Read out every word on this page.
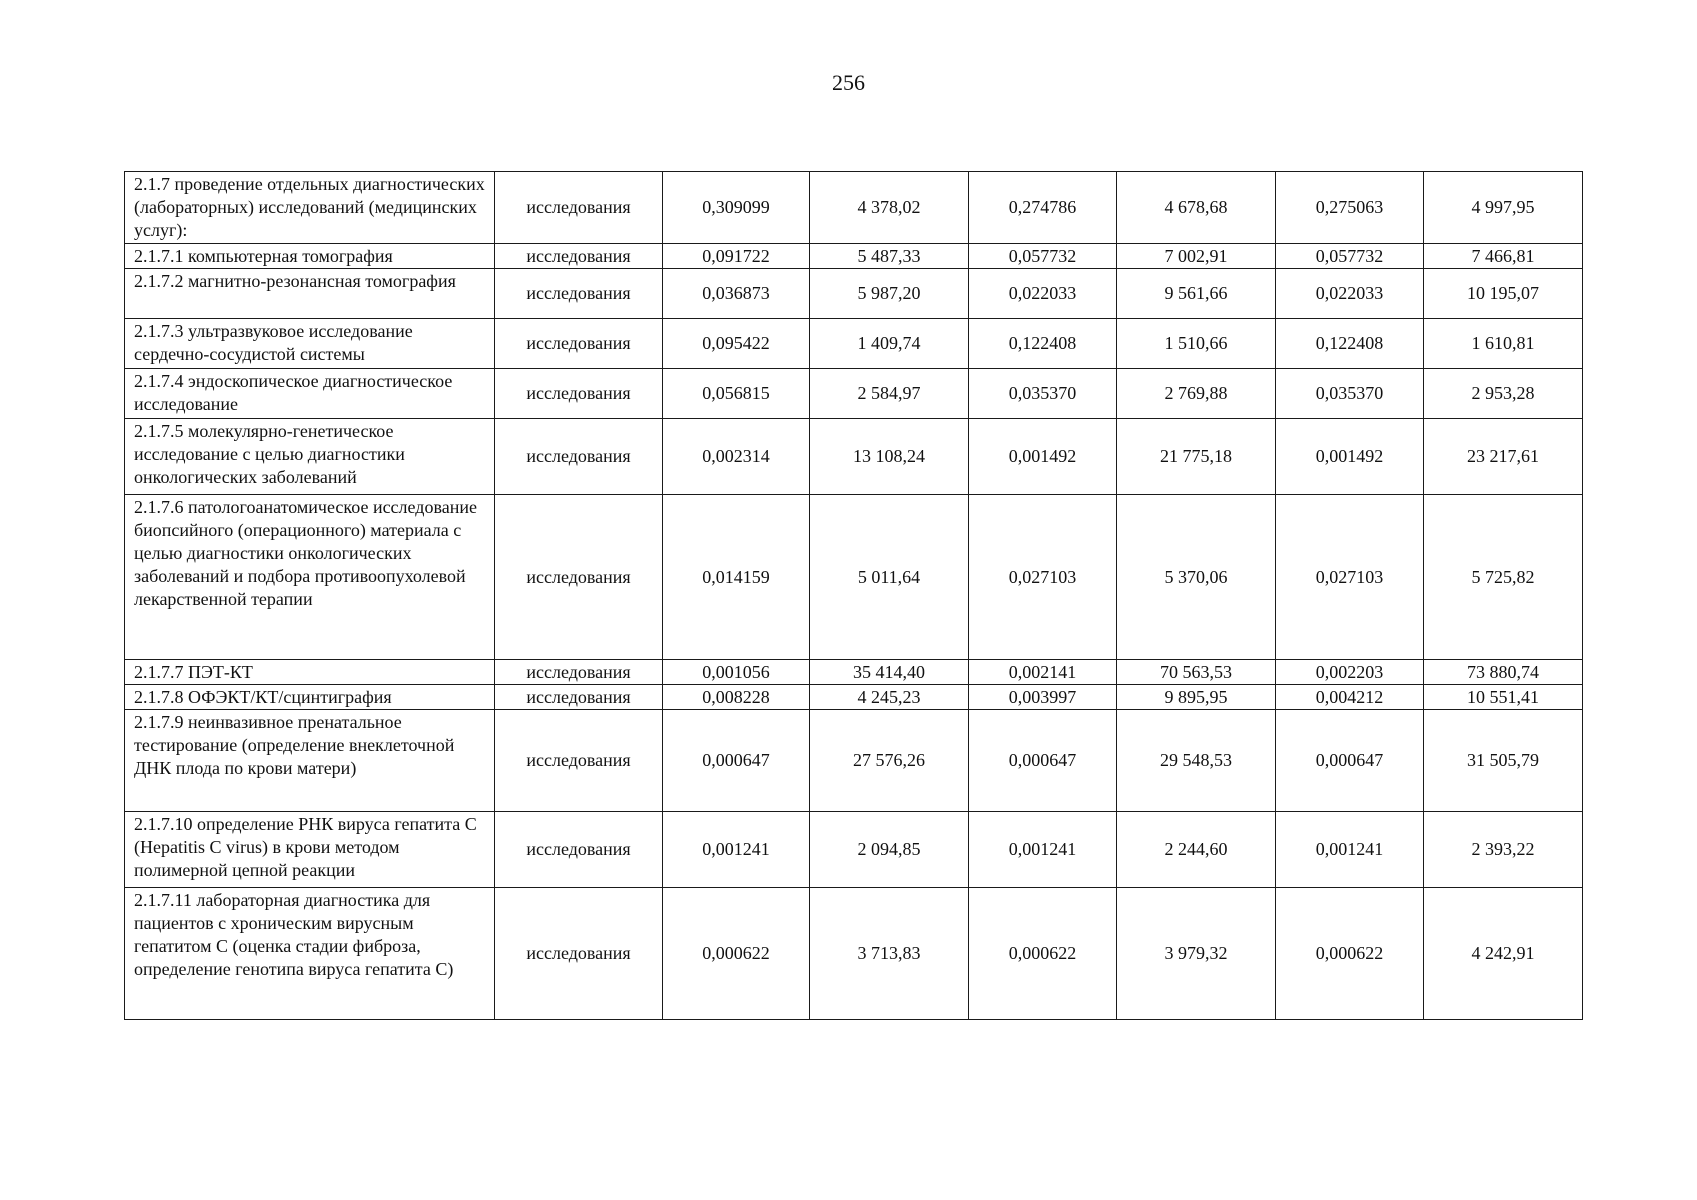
256
2.1.7 проведение отдельных диагностических (лабораторных) исследований (медицинских услуг):	исследования	0,309099	4 378,02	0,274786	4 678,68	0,275063	4 997,95
2.1.7.1 компьютерная томография	исследования	0,091722	5 487,33	0,057732	7 002,91	0,057732	7 466,81
2.1.7.2 магнитно-резонансная томография	исследования	0,036873	5 987,20	0,022033	9 561,66	0,022033	10 195,07
2.1.7.3 ультразвуковое исследование сердечно-сосудистой системы	исследования	0,095422	1 409,74	0,122408	1 510,66	0,122408	1 610,81
2.1.7.4 эндоскопическое диагностическое исследование	исследования	0,056815	2 584,97	0,035370	2 769,88	0,035370	2 953,28
2.1.7.5 молекулярно-генетическое исследование с целью диагностики онкологических заболеваний	исследования	0,002314	13 108,24	0,001492	21 775,18	0,001492	23 217,61
2.1.7.6 патологоанатомическое исследование биопсийного (операционного) материала с целью диагностики онкологических заболеваний и подбора противоопухолевой лекарственной терапии	исследования	0,014159	5 011,64	0,027103	5 370,06	0,027103	5 725,82
2.1.7.7 ПЭТ-КТ	исследования	0,001056	35 414,40	0,002141	70 563,53	0,002203	73 880,74
2.1.7.8 ОФЭКТ/КТ/сцинтиграфия	исследования	0,008228	4 245,23	0,003997	9 895,95	0,004212	10 551,41
2.1.7.9 неинвазивное пренатальное тестирование (определение внеклеточной ДНК плода по крови матери)	исследования	0,000647	27 576,26	0,000647	29 548,53	0,000647	31 505,79
2.1.7.10 определение РНК вируса гепатита С (Hepatitis C virus) в крови методом полимерной цепной реакции	исследования	0,001241	2 094,85	0,001241	2 244,60	0,001241	2 393,22
2.1.7.11 лабораторная диагностика для пациентов с хроническим вирусным гепатитом С (оценка стадии фиброза, определение генотипа вируса гепатита С)	исследования	0,000622	3 713,83	0,000622	3 979,32	0,000622	4 242,91
